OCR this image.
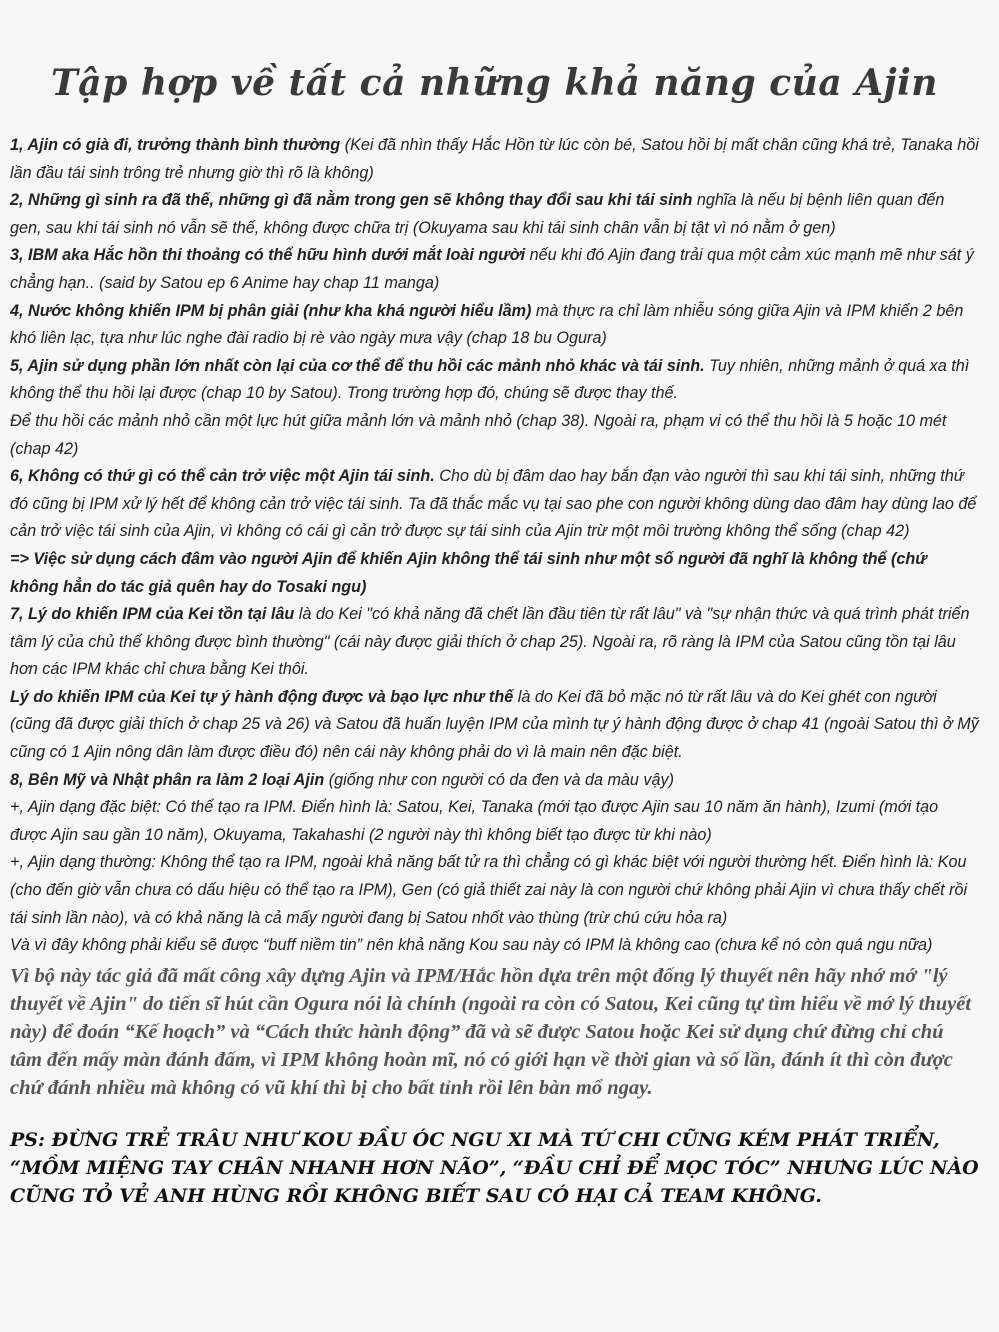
Tập hợp về tất cả những khả năng của Ajin

1, Ajin có già đi, trưởng thành bình thường (Kei đã nhìn thấy Hắc Hồn từ lúc còn bé, Satou hồi bị mất chân cũng khá trẻ, Tanaka hồi lần đầu tái sinh trông trẻ nhưng giờ thì rõ là không)

2, Những gì sinh ra đã thế, những gì đã nằm trong gen sẽ không thay đổi sau khi tái sinh nghĩa là nếu bị bệnh liên quan đến gen, sau khi tái sinh nó vẫn sẽ thế, không được chữa trị (Okuyama sau khi tái sinh chân vẫn bị tật vì nó nằm ở gen)

3, IBM aka Hắc hồn thi thoảng có thể hữu hình dưới mắt loài người nếu khi đó Ajin đang trải qua một cảm xúc mạnh mẽ như sát ý chẳng hạn.. (said by Satou ep 6 Anime hay chap 11 manga)

4, Nước không khiến IPM bị phân giải (như kha khá người hiểu lầm) mà thực ra chỉ làm nhiễu sóng giữa Ajin và IPM khiến 2 bên khó liên lạc, tựa như lúc nghe đài radio bị rè vào ngày mưa vậy (chap 18 bu Ogura)

5, Ajin sử dụng phần lớn nhất còn lại của cơ thể để thu hồi các mảnh nhỏ khác và tái sinh. Tuy nhiên, những mảnh ở quá xa thì không thể thu hồi lại được (chap 10 by Satou). Trong trường hợp đó, chúng sẽ được thay thế.

Để thu hồi các mảnh nhỏ cần một lực hút giữa mảnh lớn và mảnh nhỏ (chap 38). Ngoài ra, phạm vi có thể thu hồi là 5 hoặc 10 mét (chap 42)

6, Không có thứ gì có thể cản trở việc một Ajin tái sinh. Cho dù bị đâm dao hay bắn đạn vào người thì sau khi tái sinh, những thứ đó cũng bị IPM xử lý hết để không cản trở việc tái sinh. Ta đã thắc mắc vụ tại sao phe con người không dùng dao đâm hay dùng lao để cản trở việc tái sinh của Ajin, vì không có cái gì cản trở được sự tái sinh của Ajin trừ một môi trường không thể sống (chap 42)

=> Việc sử dụng cách đâm vào người Ajin để khiến Ajin không thể tái sinh như một số người đã nghĩ là không thể (chứ không hẳn do tác giả quên hay do Tosaki ngu)

7, Lý do khiến IPM của Kei tồn tại lâu là do Kei "có khả năng đã chết lần đầu tiên từ rất lâu" và "sự nhận thức và quá trình phát triển tâm lý của chủ thể không được bình thường" (cái này được giải thích ở chap 25). Ngoài ra, rõ ràng là IPM của Satou cũng tồn tại lâu hơn các IPM khác chỉ chưa bằng Kei thôi.

Lý do khiến IPM của Kei tự ý hành động được và bạo lực như thế là do Kei đã bỏ mặc nó từ rất lâu và do Kei ghét con người (cũng đã được giải thích ở chap 25 và 26) và Satou đã huấn luyện IPM của mình tự ý hành động được ở chap 41 (ngoài Satou thì ở Mỹ cũng có 1 Ajin nông dân làm được điều đó) nên cái này không phải do vì là main nên đặc biệt.

8, Bên Mỹ và Nhật phân ra làm 2 loại Ajin (giống như con người có da đen và da màu vậy)

+, Ajin dạng đặc biệt: Có thể tạo ra IPM. Điển hình là: Satou, Kei, Tanaka (mới tạo được Ajin sau 10 năm ăn hành), Izumi (mới tạo được Ajin sau gần 10 năm), Okuyama, Takahashi (2 người này thì không biết tạo được từ khi nào)

+, Ajin dạng thường: Không thể tạo ra IPM, ngoài khả năng bất tử ra thì chẳng có gì khác biệt với người thường hết. Điển hình là: Kou (cho đến giờ vẫn chưa có dấu hiệu có thể tạo ra IPM), Gen (có giả thiết zai này là con người chứ không phải Ajin vì chưa thấy chết rồi tái sinh lần nào), và có khả năng là cả mấy người đang bị Satou nhốt vào thùng (trừ chú cứu hỏa ra)

Và vì đây không phải kiểu sẽ được “buff niềm tin” nên khả năng Kou sau này có IPM là không cao (chưa kể nó còn quá ngu nữa)

Vì bộ này tác giả đã mất công xây dựng Ajin và IPM/Hắc hồn dựa trên một đống lý thuyết nên hãy nhớ mớ "lý thuyết về Ajin" do tiến sĩ hút cần Ogura nói là chính (ngoài ra còn có Satou, Kei cũng tự tìm hiểu về mớ lý thuyết này) để đoán “Kế hoạch” và “Cách thức hành động” đã và sẽ được Satou hoặc Kei sử dụng chứ đừng chỉ chú tâm đến mấy màn đánh đấm, vì IPM không hoàn mĩ, nó có giới hạn về thời gian và số lần, đánh ít thì còn được chứ đánh nhiều mà không có vũ khí thì bị cho bất tỉnh rồi lên bàn mổ ngay.
PS: ĐỪNG TRẺ TRÂU NHƯ KOU ĐẦU ÓC NGU XI MÀ TỨ CHI CŨNG KÉM PHÁT TRIỂN, “MỒM MIỆNG TAY CHÂN NHANH HƠN NÃO”, “ĐẦU CHỈ ĐỂ MỌC TÓC” NHƯNG LÚC NÀO CŨNG TỎ VẺ ANH HÙNG RỒI KHÔNG BIẾT SAU CÓ HẠI CẢ TEAM KHÔNG.
